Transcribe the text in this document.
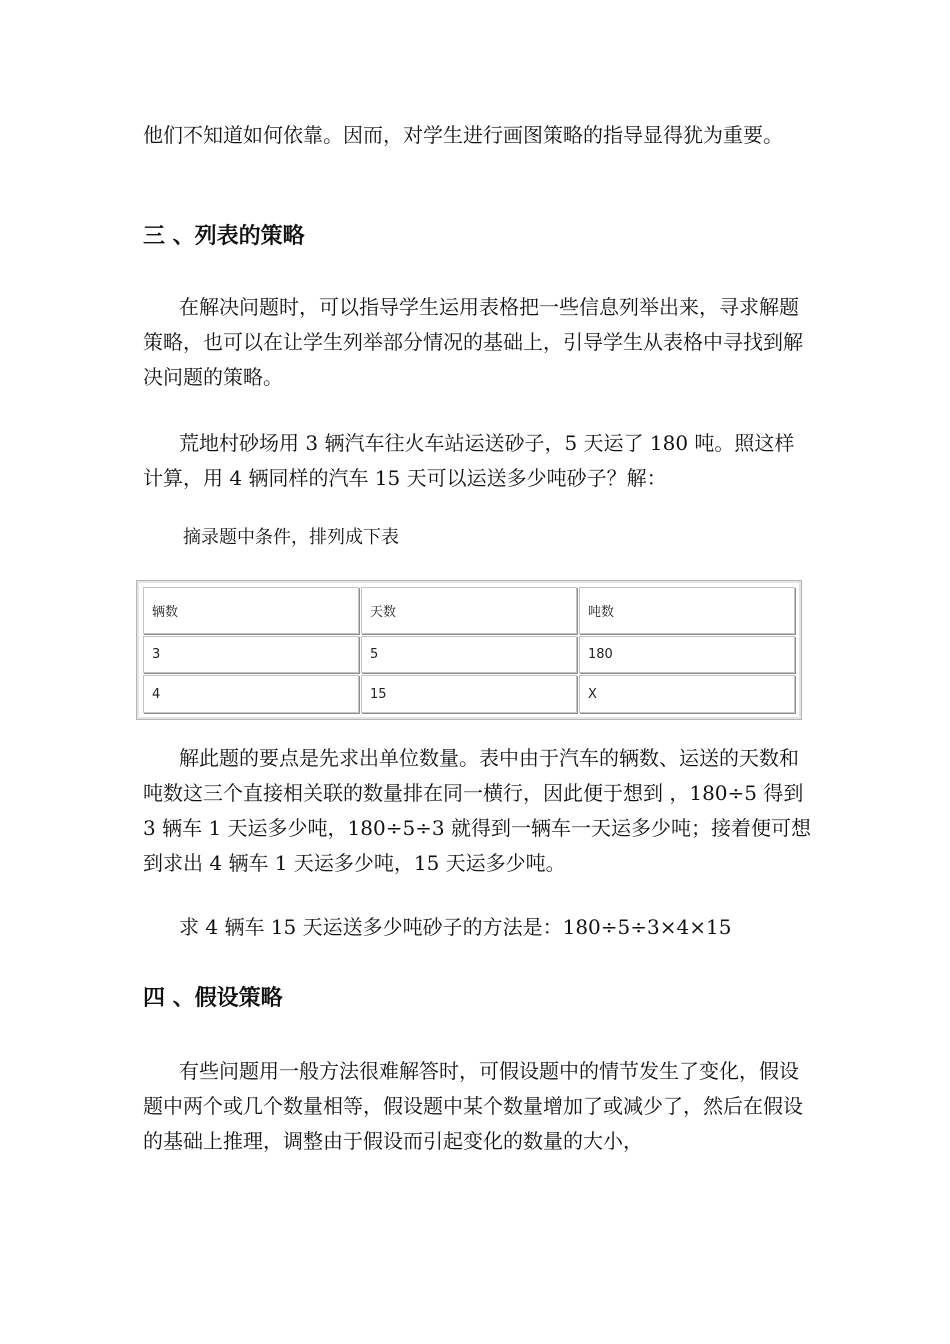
他们不知道如何依靠。因而，对学生进行画图策略的指导显得犹为重要。

三 、列表的策略

在解决问题时，可以指导学生运用表格把一些信息列举出来，寻求解题策略，也可以在让学生列举部分情况的基础上，引导学生从表格中寻找到解决问题的策略。

荒地村砂场用 3 辆汽车往火车站运送砂子，5 天运了 180 吨。照这样计算，用 4 辆同样的汽车 15 天可以运送多少吨砂子？解：

摘录题中条件，排列成下表

辆数	天数	吨数
3	5	180
4	15	X

解此题的要点是先求出单位数量。表中由于汽车的辆数、运送的天数和吨数这三个直接相关联的数量排在同一横行，因此便于想到 ，180÷5 得到 3 辆车 1 天运多少吨，180÷5÷3 就得到一辆车一天运多少吨；接着便可想到求出 4 辆车 1 天运多少吨，15 天运多少吨。

求 4 辆车 15 天运送多少吨砂子的方法是：180÷5÷3×4×15

四 、假设策略

有些问题用一般方法很难解答时，可假设题中的情节发生了变化，假设题中两个或几个数量相等，假设题中某个数量增加了或减少了，然后在假设的基础上推理，调整由于假设而引起变化的数量的大小，
